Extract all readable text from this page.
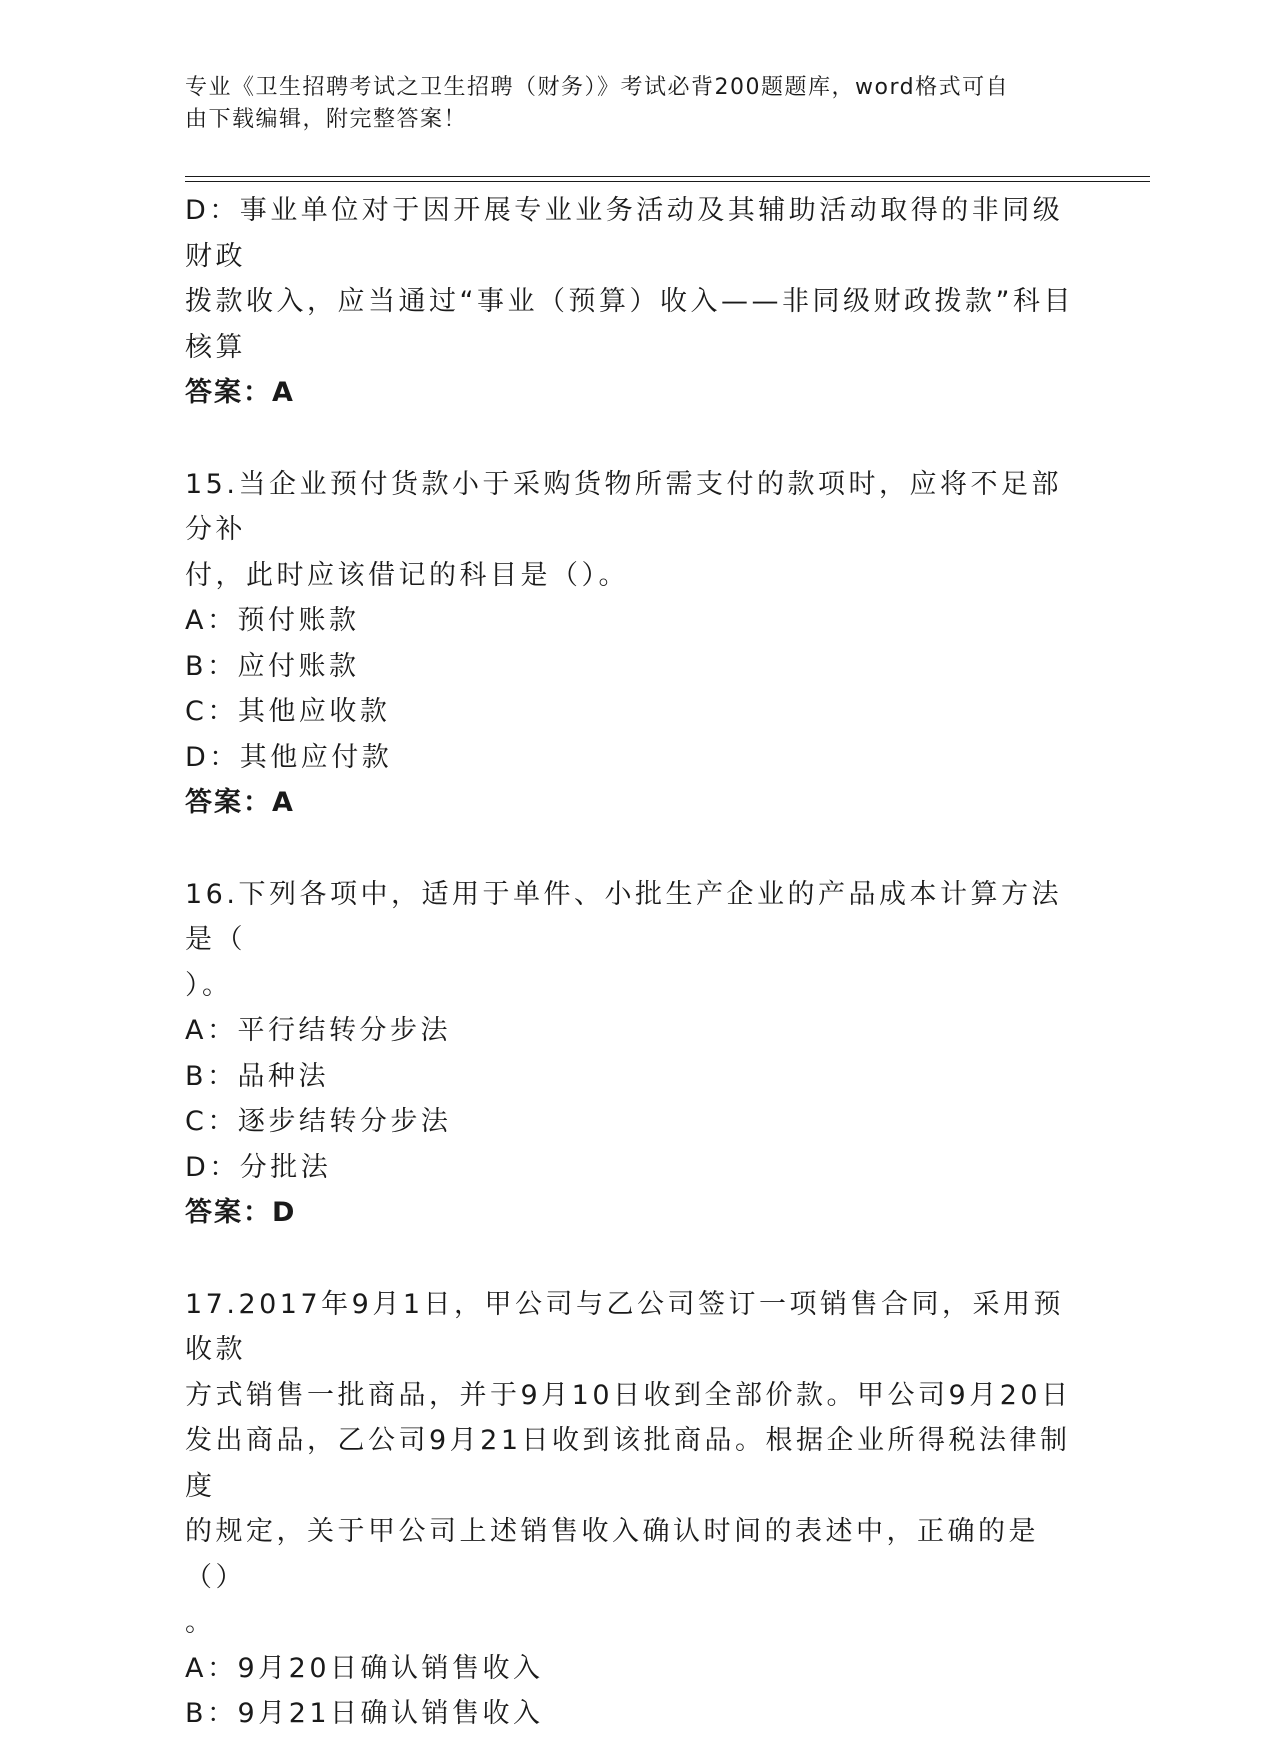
专业《卫生招聘考试之卫生招聘（财务）》考试必背200题题库，word格式可自
由下载编辑，附完整答案！
D：事业单位对于因开展专业业务活动及其辅助活动取得的非同级财政
拨款收入，应当通过“事业（预算）收入——非同级财政拨款”科目
核算
答案：A
15.当企业预付货款小于采购货物所需支付的款项时，应将不足部分补
付，此时应该借记的科目是（）。
A：预付账款
B：应付账款
C：其他应收款
D：其他应付款
答案：A
16.下列各项中，适用于单件、小批生产企业的产品成本计算方法是（
）。
A：平行结转分步法
B：品种法
C：逐步结转分步法
D：分批法
答案：D
17.2017年9月1日，甲公司与乙公司签订一项销售合同，采用预收款
方式销售一批商品，并于9月10日收到全部价款。甲公司9月20日
发出商品，乙公司9月21日收到该批商品。根据企业所得税法律制度
的规定，关于甲公司上述销售收入确认时间的表述中，正确的是（）
。
A：9月20日确认销售收入
B：9月21日确认销售收入
